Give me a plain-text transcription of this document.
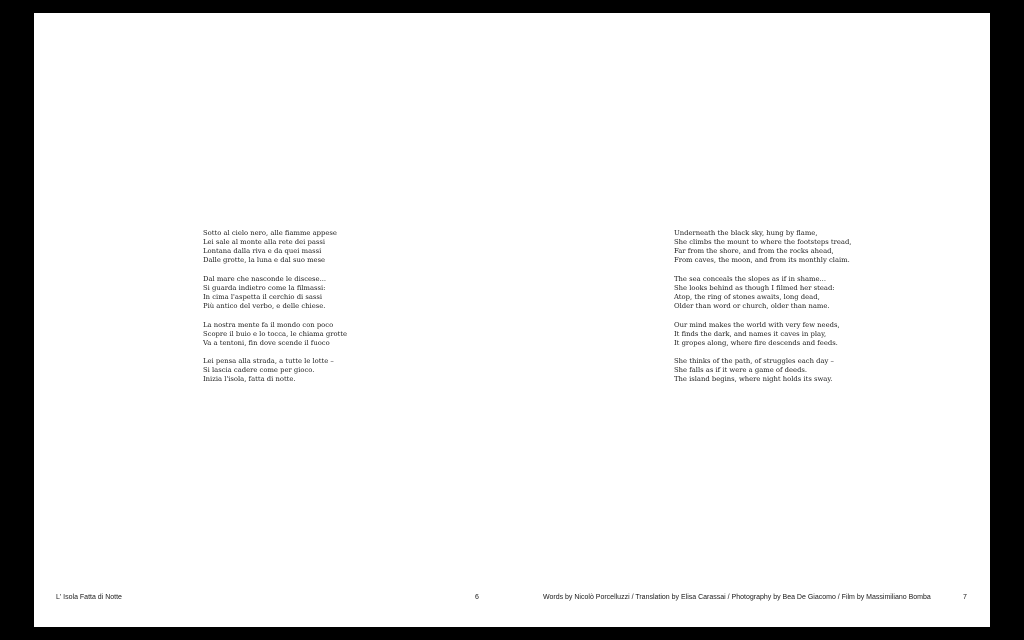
Sotto al cielo nero, alle fiamme appese
Lei sale al monte alla rete dei passi
Lontana dalla riva e da quei massi
Dalle grotte, la luna e dal suo mese
Dal mare che nasconde le discese...
Si guarda indietro come la filmassi:
In cima l'aspetta il cerchio di sassi
Più antico del verbo, e delle chiese.
La nostra mente fa il mondo con poco
Scopre il buio e lo tocca, le chiama grotte
Va a tentoni, fin dove scende il fuoco
Lei pensa alla strada, a tutte le lotte –
Si lascia cadere come per gioco.
Inizia l'isola, fatta di notte.
L' Isola Fatta di Notte	6
Underneath the black sky, hung by flame,
She climbs the mount to where the footsteps tread,
Far from the shore, and from the rocks ahead,
From caves, the moon, and from its monthly claim.
The sea conceals the slopes as if in shame...
She looks behind as though I filmed her stead:
Atop, the ring of stones awaits, long dead,
Older than word or church, older than name.
Our mind makes the world with very few needs,
It finds the dark, and names it caves in play,
It gropes along, where fire descends and feeds.
She thinks of the path, of struggles each day –
She falls as if it were a game of deeds.
The island begins, where night holds its sway.
Words by Nicolò Porcelluzzi / Translation by Elisa Carassai / Photography by Bea De Giacomo / Film by Massimiliano Bomba	7
